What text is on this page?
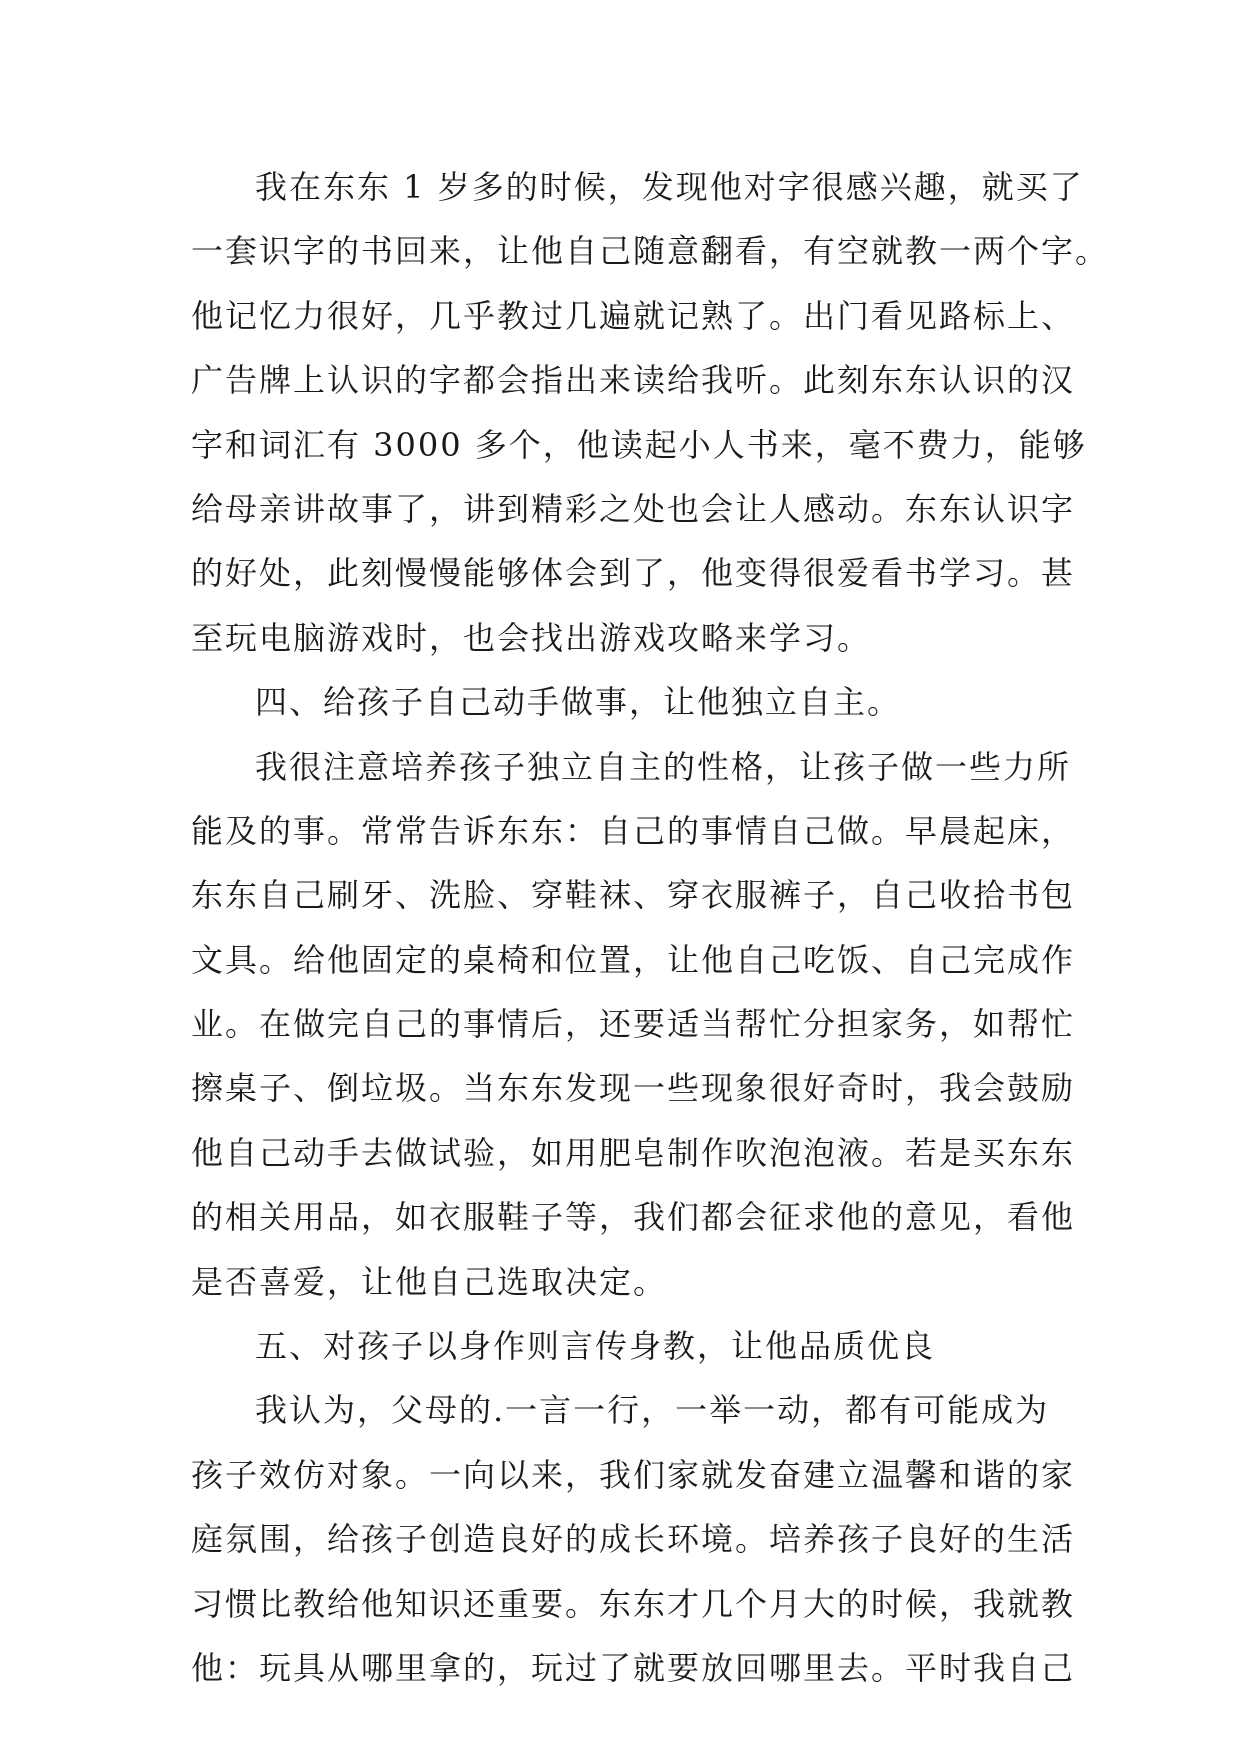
我在东东 1 岁多的时候，发现他对字很感兴趣，就买了
一套识字的书回来，让他自己随意翻看，有空就教一两个字。
他记忆力很好，几乎教过几遍就记熟了。出门看见路标上、
广告牌上认识的字都会指出来读给我听。此刻东东认识的汉
字和词汇有 3000 多个，他读起小人书来，毫不费力，能够
给母亲讲故事了，讲到精彩之处也会让人感动。东东认识字
的好处，此刻慢慢能够体会到了，他变得很爱看书学习。甚
至玩电脑游戏时，也会找出游戏攻略来学习。
四、给孩子自己动手做事，让他独立自主。
我很注意培养孩子独立自主的性格，让孩子做一些力所
能及的事。常常告诉东东：自己的事情自己做。早晨起床，
东东自己刷牙、洗脸、穿鞋袜、穿衣服裤子，自己收拾书包
文具。给他固定的桌椅和位置，让他自己吃饭、自己完成作
业。在做完自己的事情后，还要适当帮忙分担家务，如帮忙
擦桌子、倒垃圾。当东东发现一些现象很好奇时，我会鼓励
他自己动手去做试验，如用肥皂制作吹泡泡液。若是买东东
的相关用品，如衣服鞋子等，我们都会征求他的意见，看他
是否喜爱，让他自己选取决定。
五、对孩子以身作则言传身教，让他品质优良
我认为，父母的.一言一行，一举一动，都有可能成为
孩子效仿对象。一向以来，我们家就发奋建立温馨和谐的家
庭氛围，给孩子创造良好的成长环境。培养孩子良好的生活
习惯比教给他知识还重要。东东才几个月大的时候，我就教
他：玩具从哪里拿的，玩过了就要放回哪里去。平时我自己
